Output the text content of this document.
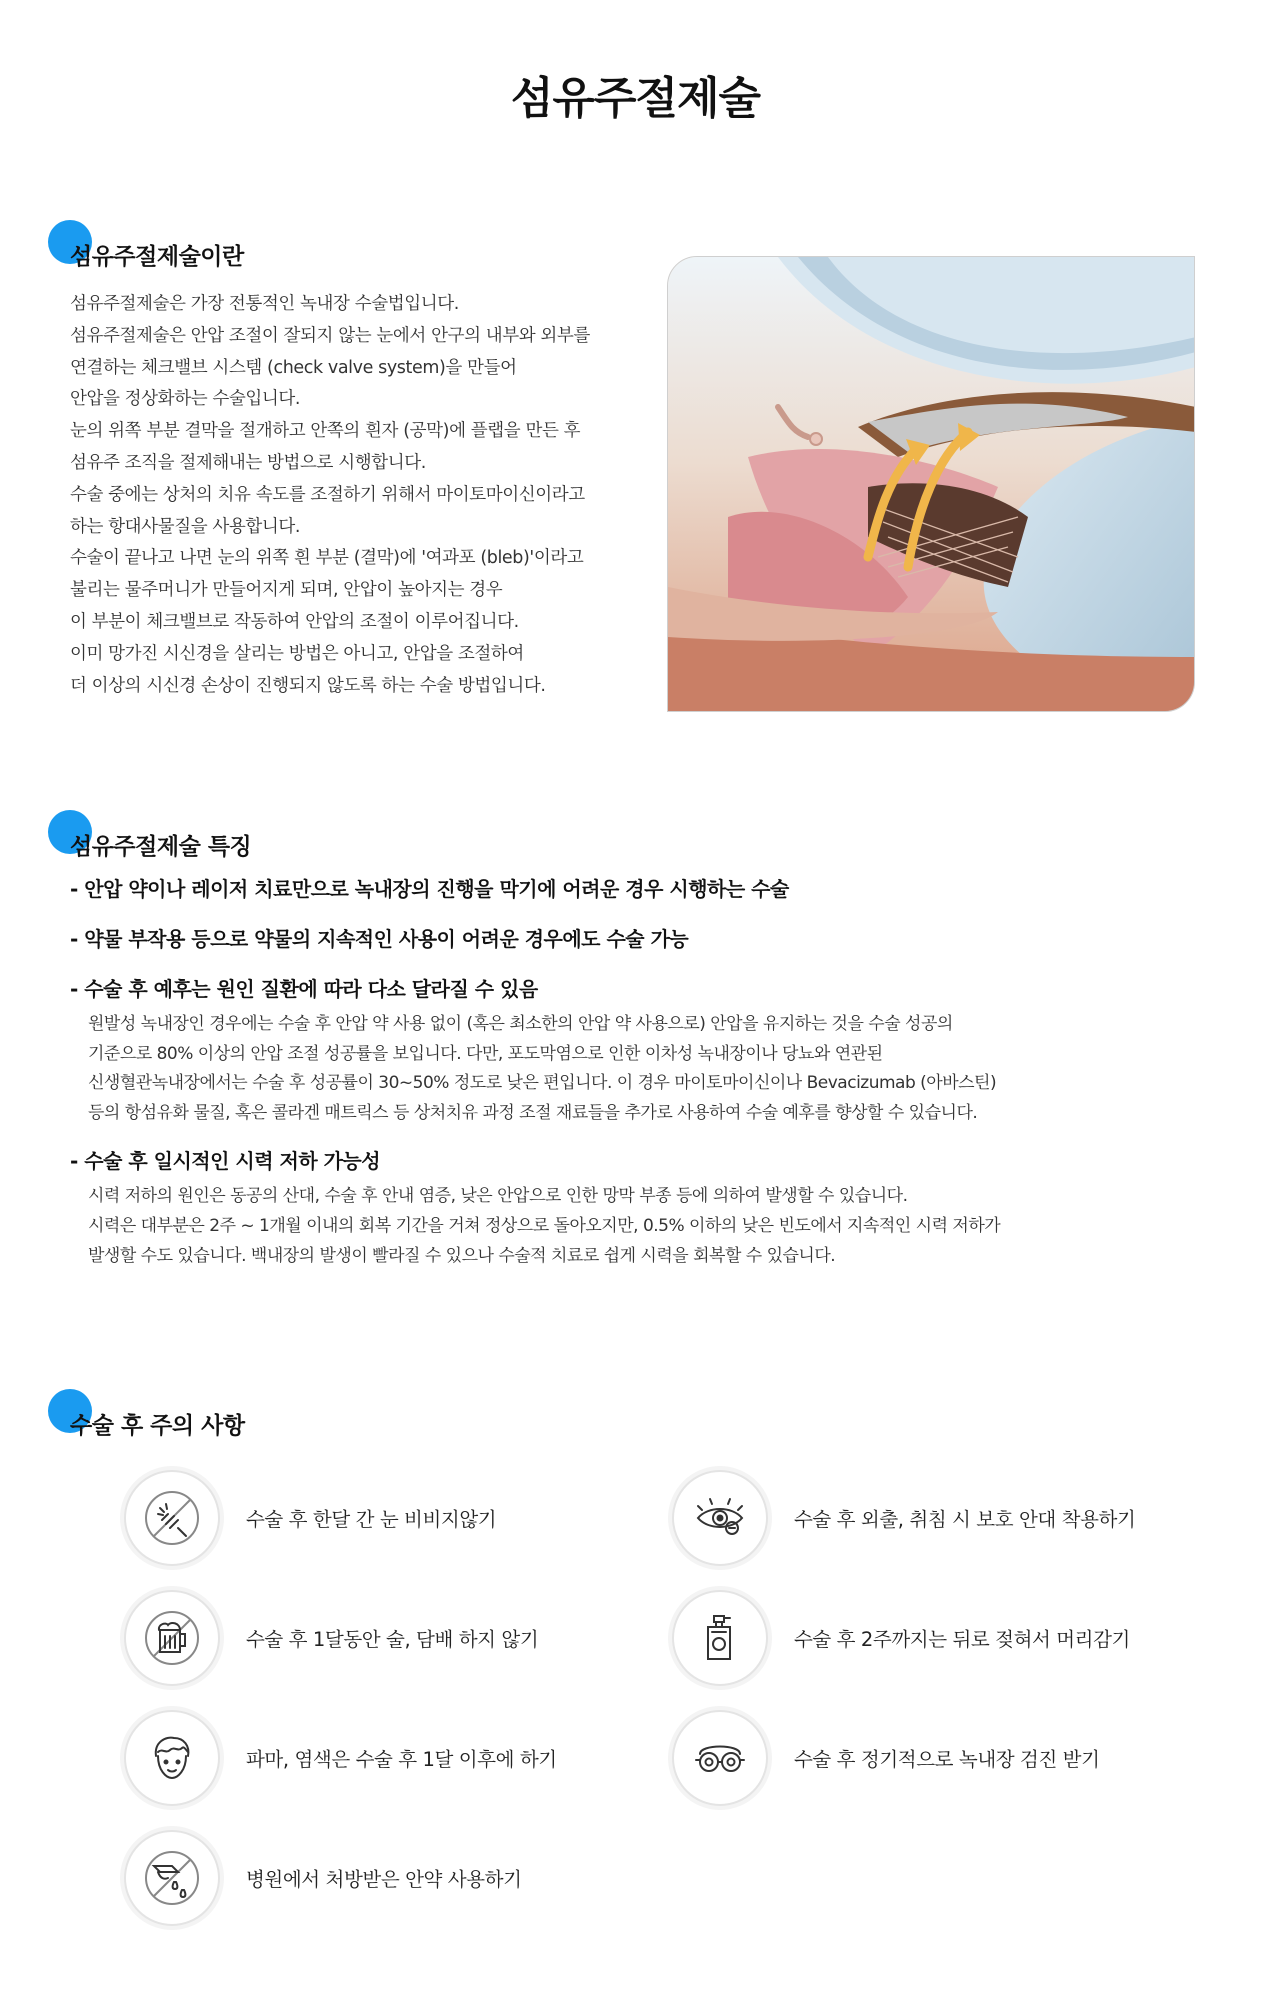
섬유주절제술
섬유주절제술이란

섬유주절제술은 가장 전통적인 녹내장 수술법입니다.

섬유주절제술은 안압 조절이 잘되지 않는 눈에서 안구의 내부와 외부를

연결하는 체크밸브 시스템 (check valve system)을 만들어

안압을 정상화하는 수술입니다.

눈의 위쪽 부분 결막을 절개하고 안쪽의 흰자 (공막)에 플랩을 만든 후

섬유주 조직을 절제해내는 방법으로 시행합니다.

수술 중에는 상처의 치유 속도를 조절하기 위해서 마이토마이신이라고

하는 항대사물질을 사용합니다.

수술이 끝나고 나면 눈의 위쪽 흰 부분 (결막)에 '여과포 (bleb)'이라고

불리는 물주머니가 만들어지게 되며, 안압이 높아지는 경우

이 부분이 체크밸브로 작동하여 안압의 조절이 이루어집니다.

이미 망가진 시신경을 살리는 방법은 아니고, 안압을 조절하여

더 이상의 시신경 손상이 진행되지 않도록 하는 수술 방법입니다.

섬유주절제술 특징
- 안압 약이나 레이저 치료만으로 녹내장의 진행을 막기에 어려운 경우 시행하는 수술
- 약물 부작용 등으로 약물의 지속적인 사용이 어려운 경우에도 수술 가능
- 수술 후 예후는 원인 질환에 따라 다소 달라질 수 있음

원발성 녹내장인 경우에는 수술 후 안압 약 사용 없이 (혹은 최소한의 안압 약 사용으로) 안압을 유지하는 것을 수술 성공의

기준으로 80% 이상의 안압 조절 성공률을 보입니다. 다만, 포도막염으로 인한 이차성 녹내장이나 당뇨와 연관된

신생혈관녹내장에서는 수술 후 성공률이 30~50% 정도로 낮은 편입니다. 이 경우 마이토마이신이나 Bevacizumab (아바스틴)

등의 항섬유화 물질, 혹은 콜라겐 매트릭스 등 상처치유 과정 조절 재료들을 추가로 사용하여 수술 예후를 향상할 수 있습니다.

- 수술 후 일시적인 시력 저하 가능성

시력 저하의 원인은 동공의 산대, 수술 후 안내 염증, 낮은 안압으로 인한 망막 부종 등에 의하여 발생할 수 있습니다.

시력은 대부분은 2주 ~ 1개월 이내의 회복 기간을 거쳐 정상으로 돌아오지만, 0.5% 이하의 낮은 빈도에서 지속적인 시력 저하가

발생할 수도 있습니다. 백내장의 발생이 빨라질 수 있으나 수술적 치료로 쉽게 시력을 회복할 수 있습니다.

수술 후 주의 사항
수술 후 한달 간 눈 비비지않기	수술 후 외출, 취침 시 보호 안대 착용하기
수술 후 1달동안 술, 담배 하지 않기	수술 후 2주까지는 뒤로 젖혀서 머리감기
파마, 염색은 수술 후 1달 이후에 하기	수술 후 정기적으로 녹내장 검진 받기
병원에서 처방받은 안약 사용하기
